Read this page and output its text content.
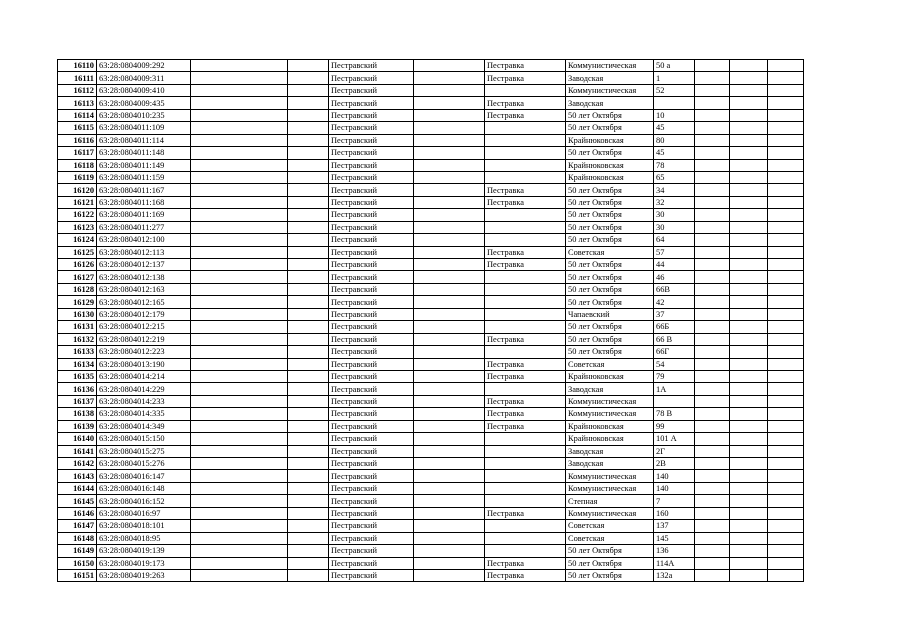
16110	63:28:0804009:292			Пестравский		Пестравка	Коммунистическая	50 а			
16111	63:28:0804009:311			Пестравский		Пестравка	Заводская	1			
16112	63:28:0804009:410			Пестравский			Коммунистическая	52			
16113	63:28:0804009:435			Пестравский		Пестравка	Заводская				
16114	63:28:0804010:235			Пестравский		Пестравка	50 лет Октября	10			
16115	63:28:0804011:109			Пестравский			50 лет Октября	45			
16116	63:28:0804011:114			Пестравский			Крайнюковская	80			
16117	63:28:0804011:148			Пестравский			50 лет Октября	45			
16118	63:28:0804011:149			Пестравский			Крайнюковская	78			
16119	63:28:0804011:159			Пестравский			Крайнюковская	65			
16120	63:28:0804011:167			Пестравский		Пестравка	50 лет Октября	34			
16121	63:28:0804011:168			Пестравский		Пестравка	50 лет Октября	32			
16122	63:28:0804011:169			Пестравский			50 лет Октября	30			
16123	63:28:0804011:277			Пестравский			50 лет Октября	30			
16124	63:28:0804012:100			Пестравский			50 лет Октября	64			
16125	63:28:0804012:113			Пестравский		Пестравка	Советская	57			
16126	63:28:0804012:137			Пестравский		Пестравка	50 лет Октября	44			
16127	63:28:0804012:138			Пестравский			50 лет Октября	46			
16128	63:28:0804012:163			Пестравский			50 лет Октября	66В			
16129	63:28:0804012:165			Пестравский			50 лет Октября	42			
16130	63:28:0804012:179			Пестравский			Чапаевский	37			
16131	63:28:0804012:215			Пестравский			50 лет Октября	66Б			
16132	63:28:0804012:219			Пестравский		Пестравка	50 лет Октября	66 В			
16133	63:28:0804012:223			Пестравский			50 лет Октября	66Г			
16134	63:28:0804013:190			Пестравский		Пестравка	Советская	54			
16135	63:28:0804014:214			Пестравский		Пестравка	Крайнюковская	79			
16136	63:28:0804014:229			Пестравский			Заводская	1А			
16137	63:28:0804014:233			Пестравский		Пестравка	Коммунистическая				
16138	63:28:0804014:335			Пестравский		Пестравка	Коммунистическая	78 В			
16139	63:28:0804014:349			Пестравский		Пестравка	Крайнюковская	99			
16140	63:28:0804015:150			Пестравский			Крайнюковская	101 А			
16141	63:28:0804015:275			Пестравский			Заводская	2Г			
16142	63:28:0804015:276			Пестравский			Заводская	2В			
16143	63:28:0804016:147			Пестравский			Коммунистическая	140			
16144	63:28:0804016:148			Пестравский			Коммунистическая	140			
16145	63:28:0804016:152			Пестравский			Степная	7			
16146	63:28:0804016:97			Пестравский		Пестравка	Коммунистическая	160			
16147	63:28:0804018:101			Пестравский			Советская	137			
16148	63:28:0804018:95			Пестравский			Советская	145			
16149	63:28:0804019:139			Пестравский			50 лет Октября	136			
16150	63:28:0804019:173			Пестравский		Пестравка	50 лет Октября	114А			
16151	63:28:0804019:263			Пестравский		Пестравка	50 лет Октября	132а			
